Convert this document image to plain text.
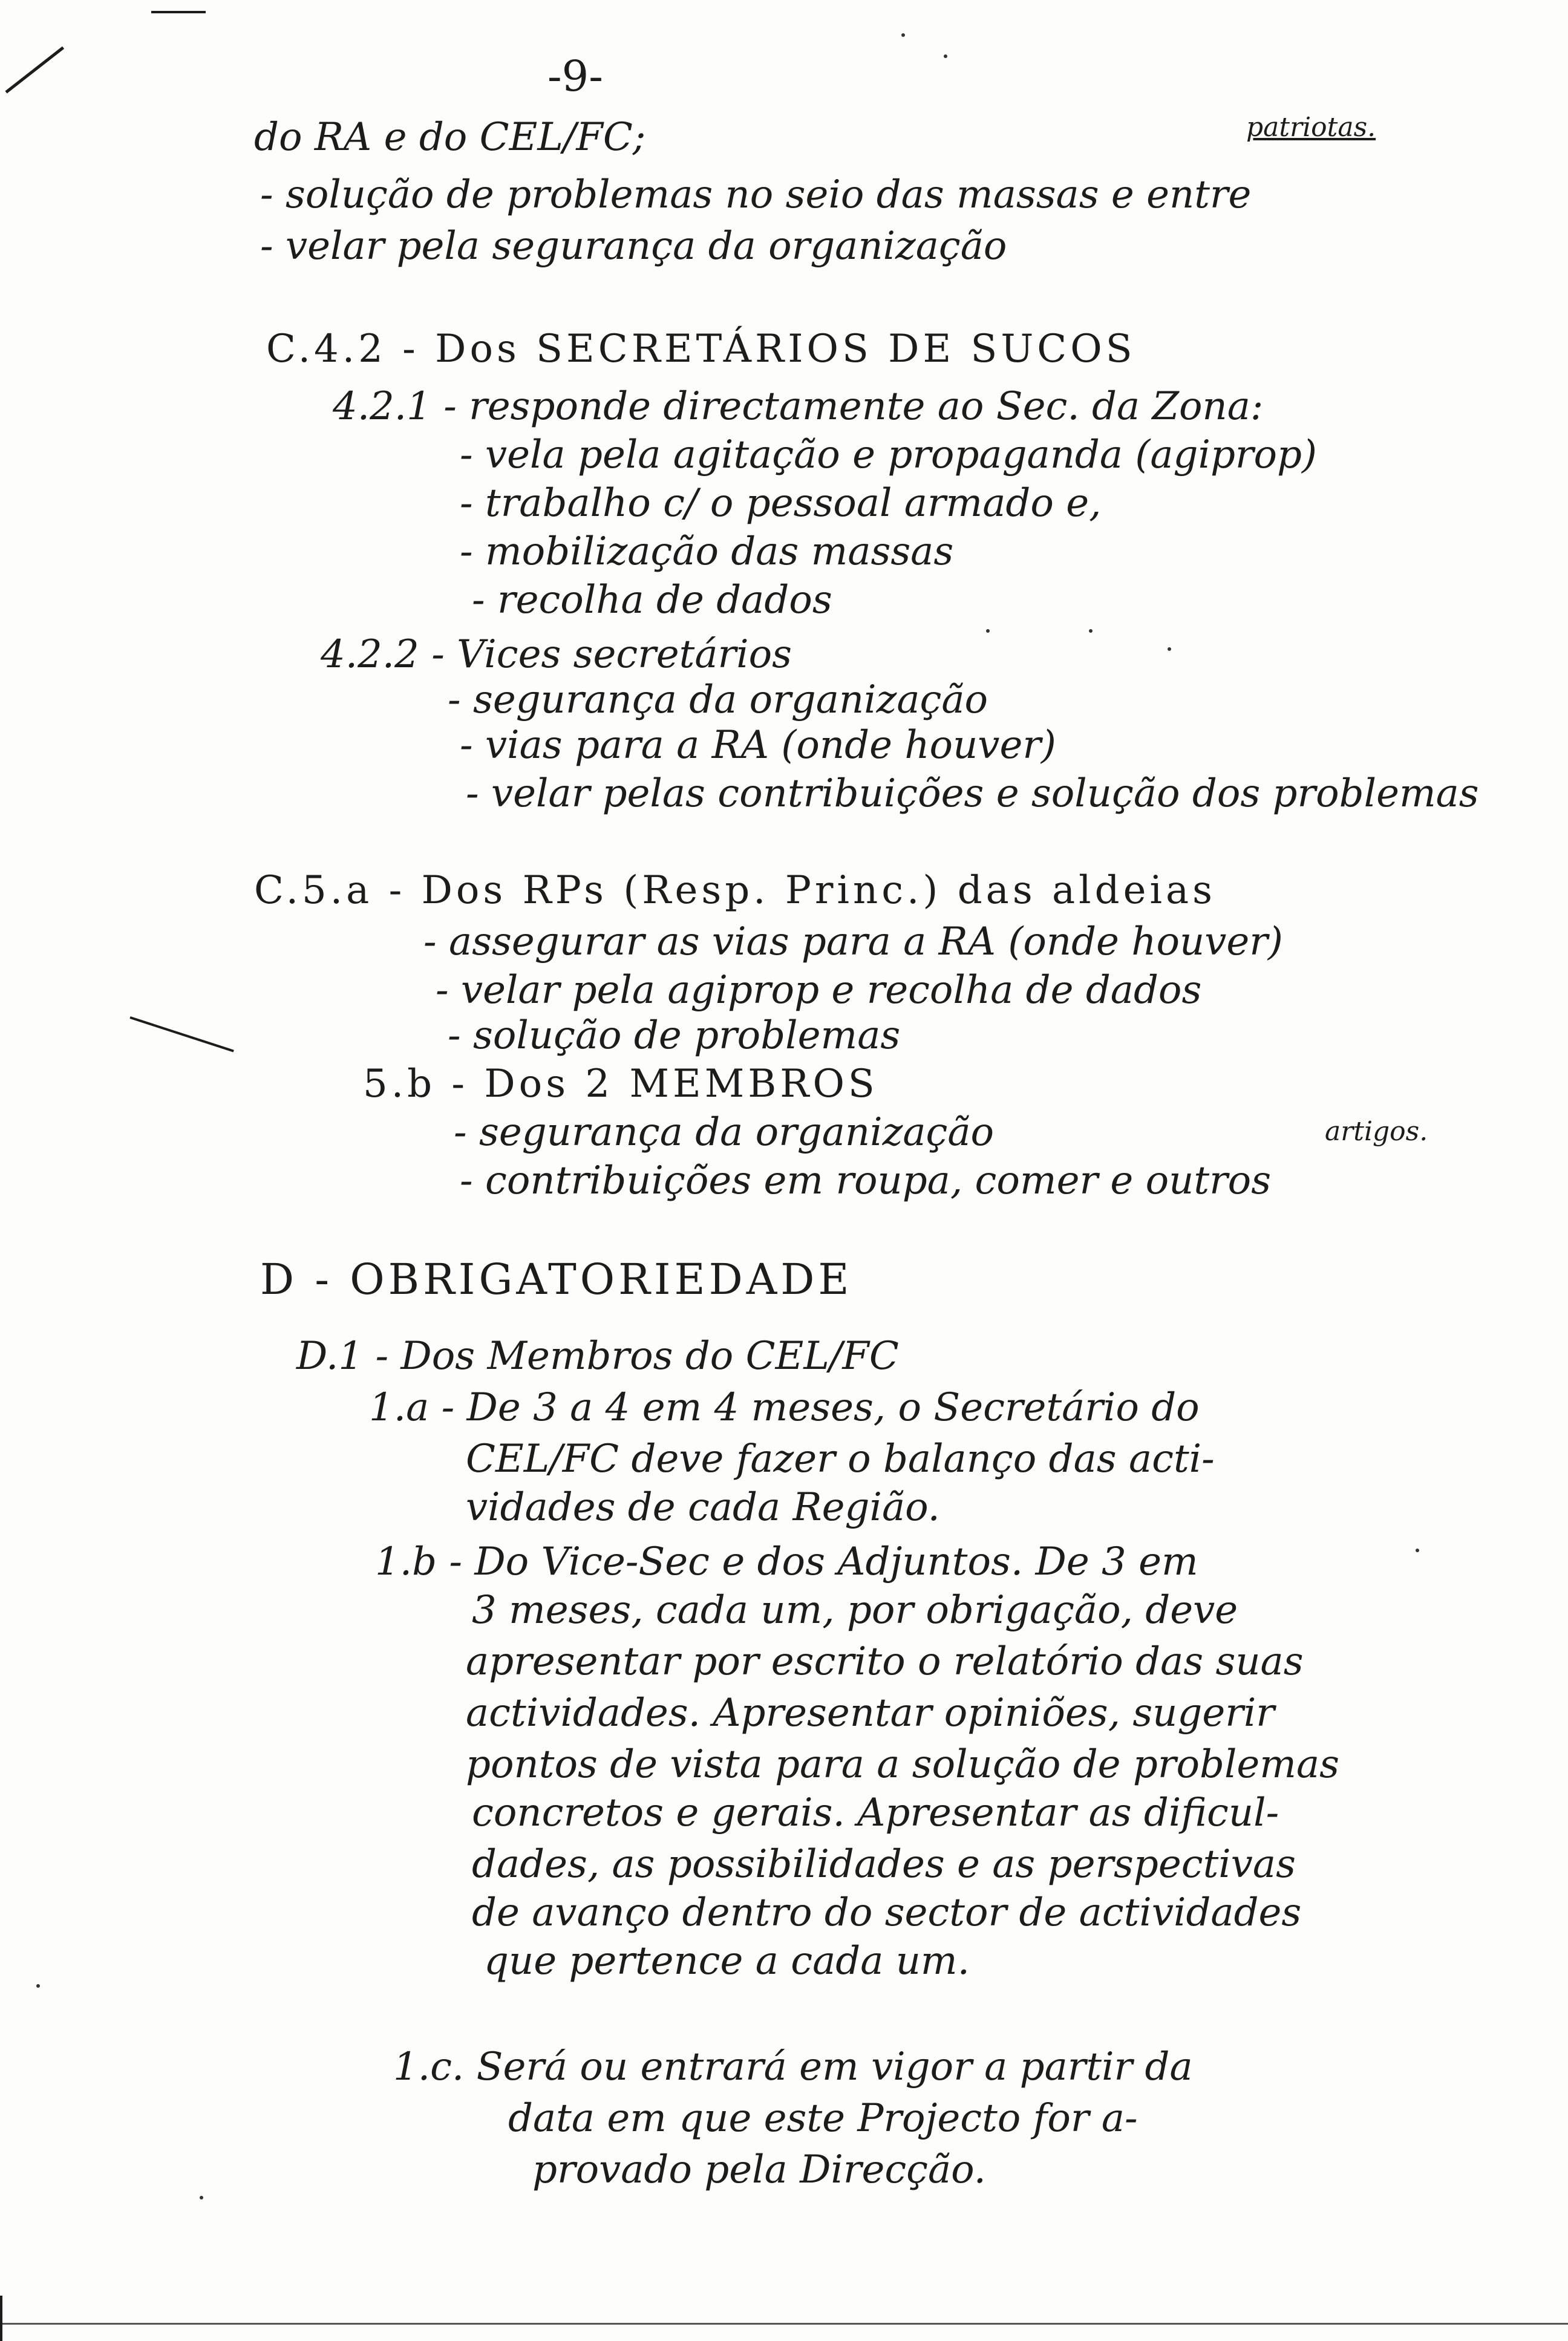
-9-
do RA e do CEL/FC;	patriotas.
- solução de problemas no seio das massas e entre
- velar pela segurança da organização
C.4.2 - Dos SECRETÁRIOS DE SUCOS
4.2.1 - responde directamente ao Sec. da Zona:
- vela pela agitação e propaganda (agiprop)
- trabalho c/ o pessoal armado e,
- mobilização das massas
- recolha de dados
4.2.2 - Vices secretários
- segurança da organização
- vias para a RA (onde houver)
- velar pelas contribuições e solução dos problemas
C.5.a - Dos RPs (Resp. Princ.) das aldeias
- assegurar as vias para a RA (onde houver)
- velar pela agiprop e recolha de dados
- solução de problemas
5.b - Dos 2 MEMBROS
- segurança da organização
- contribuições em roupa, comer e outros
artigos.
D - OBRIGATORIEDADE
D.1 - Dos Membros do CEL/FC
1.a - De 3 a 4 em 4 meses, o Secretário do
CEL/FC deve fazer o balanço das acti-
vidades de cada Região.
1.b - Do Vice-Sec e dos Adjuntos. De 3 em
3 meses, cada um, por obrigação, deve
apresentar por escrito o relatório das suas
actividades. Apresentar opiniões, sugerir
pontos de vista para a solução de problemas
concretos e gerais. Apresentar as dificul-
dades, as possibilidades e as perspectivas
de avanço dentro do sector de actividades
que pertence a cada um.
1.c. Será ou entrará em vigor a partir da
data em que este Projecto for a-
provado pela Direcção.
